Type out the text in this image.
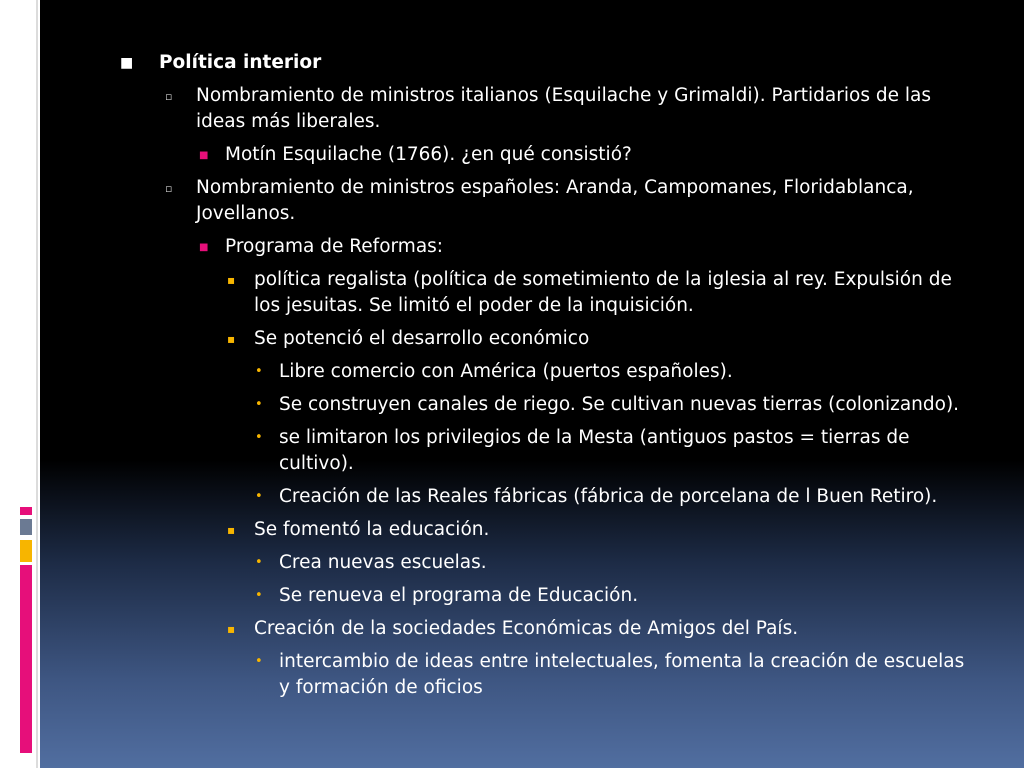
■ Política interior
▫ Nombramiento de ministros italianos (Esquilache y Grimaldi). Partidarios de las ideas más liberales.
■ Motín Esquilache (1766). ¿en qué consistió?
▫ Nombramiento de ministros españoles: Aranda, Campomanes, Floridablanca, Jovellanos.
■ Programa de Reformas:
▪ política regalista (política de sometimiento de la iglesia al rey. Expulsión de los jesuitas. Se limitó el poder de la inquisición.
▪ Se potenció el desarrollo económico
• Libre comercio con América (puertos españoles).
• Se construyen canales de riego. Se cultivan nuevas tierras (colonizando).
• se limitaron los privilegios de la Mesta (antiguos pastos = tierras de cultivo).
• Creación de las Reales fábricas (fábrica de porcelana de l Buen Retiro).
▪ Se fomentó la educación.
• Crea nuevas escuelas.
• Se renueva el programa de Educación.
▪ Creación de la sociedades Económicas de Amigos del País.
• intercambio de ideas entre intelectuales, fomenta la creación de escuelas y formación de oficios
